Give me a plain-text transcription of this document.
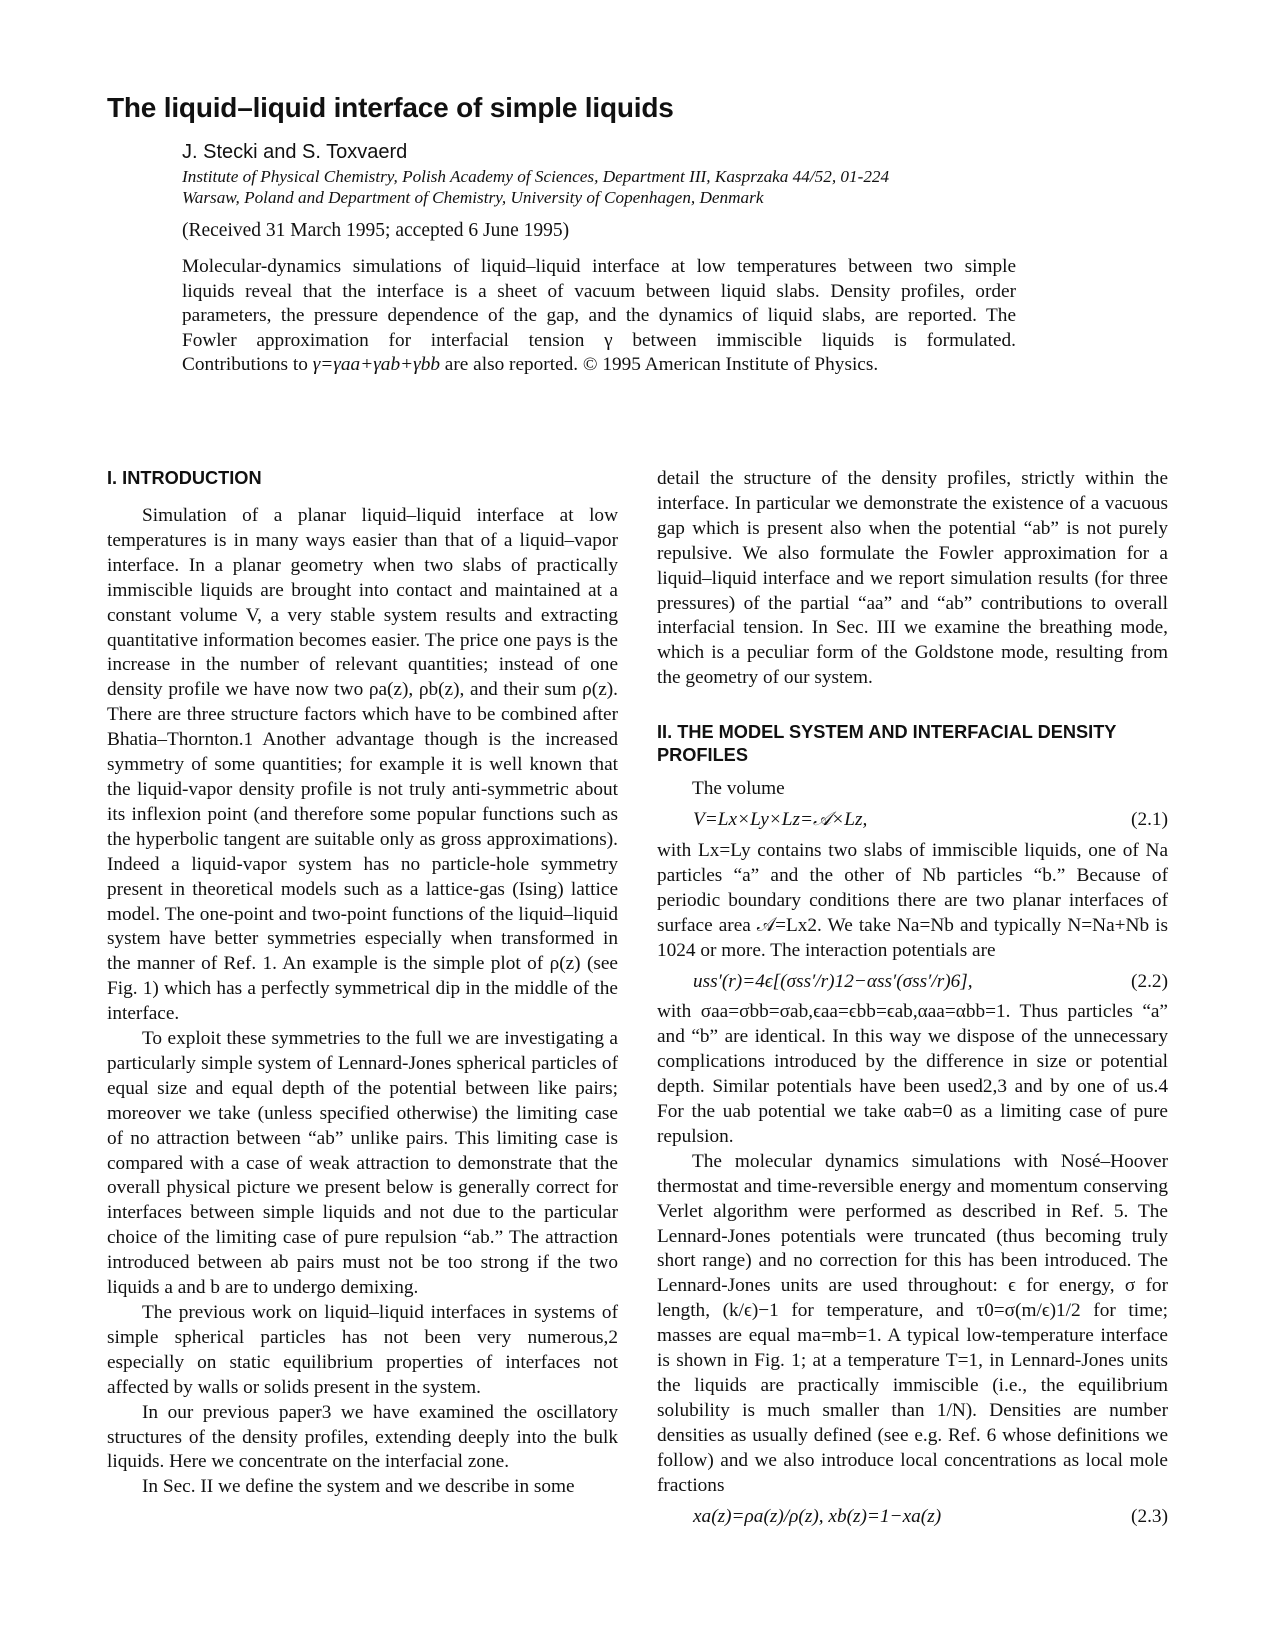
The liquid–liquid interface of simple liquids
J. Stecki and S. Toxvaerd
Institute of Physical Chemistry, Polish Academy of Sciences, Department III, Kasprzaka 44/52, 01-224
Warsaw, Poland and Department of Chemistry, University of Copenhagen, Denmark
(Received 31 March 1995; accepted 6 June 1995)
Molecular-dynamics simulations of liquid–liquid interface at low temperatures between two simple
liquids reveal that the interface is a sheet of vacuum between liquid slabs. Density profiles, order
parameters, the pressure dependence of the gap, and the dynamics of liquid slabs, are reported. The
Fowler approximation for interfacial tension γ between immiscible liquids is formulated.
Contributions to γ=γaa+γab+γbb are also reported. © 1995 American Institute of Physics.
I. INTRODUCTION

Simulation of a planar liquid–liquid interface at low temperatures is in many ways easier than that of a liquid–vapor interface. In a planar geometry when two slabs of practically immiscible liquids are brought into contact and maintained at a constant volume V, a very stable system results and extracting quantitative information becomes easier. The price one pays is the increase in the number of relevant quantities; instead of one density profile we have now two ρa(z), ρb(z), and their sum ρ(z). There are three structure factors which have to be combined after Bhatia–Thornton.1 Another advantage though is the increased symmetry of some quantities; for example it is well known that the liquid-vapor density profile is not truly anti-symmetric about its inflexion point (and therefore some popular functions such as the hyperbolic tangent are suitable only as gross approximations). Indeed a liquid-vapor system has no particle-hole symmetry present in theoretical models such as a lattice-gas (Ising) lattice model. The one-point and two-point functions of the liquid–liquid system have better symmetries especially when transformed in the manner of Ref. 1. An example is the simple plot of ρ(z) (see Fig. 1) which has a perfectly symmetrical dip in the middle of the interface.

To exploit these symmetries to the full we are investigating a particularly simple system of Lennard-Jones spherical particles of equal size and equal depth of the potential between like pairs; moreover we take (unless specified otherwise) the limiting case of no attraction between “ab” unlike pairs. This limiting case is compared with a case of weak attraction to demonstrate that the overall physical picture we present below is generally correct for interfaces between simple liquids and not due to the particular choice of the limiting case of pure repulsion “ab.” The attraction introduced between ab pairs must not be too strong if the two liquids a and b are to undergo demixing.

The previous work on liquid–liquid interfaces in systems of simple spherical particles has not been very numerous,2 especially on static equilibrium properties of interfaces not affected by walls or solids present in the system.

In our previous paper3 we have examined the oscillatory structures of the density profiles, extending deeply into the bulk liquids. Here we concentrate on the interfacial zone.

In Sec. II we define the system and we describe in some

detail the structure of the density profiles, strictly within the interface. In particular we demonstrate the existence of a vacuous gap which is present also when the potential “ab” is not purely repulsive. We also formulate the Fowler approximation for a liquid–liquid interface and we report simulation results (for three pressures) of the partial “aa” and “ab” contributions to overall interfacial tension. In Sec. III we examine the breathing mode, which is a peculiar form of the Goldstone mode, resulting from the geometry of our system.

II. THE MODEL SYSTEM AND INTERFACIAL DENSITY PROFILES

The volume

V=Lx×Ly×Lz=𝒜×Lz,	(2.1)

with Lx=Ly contains two slabs of immiscible liquids, one of Na particles “a” and the other of Nb particles “b.” Because of periodic boundary conditions there are two planar interfaces of surface area 𝒜=Lx2. We take Na=Nb and typically N=Na+Nb is 1024 or more. The interaction potentials are

uss′(r)=4ϵ[(σss′/r)12−αss′(σss′/r)6],	(2.2)

with σaa=σbb=σab,ϵaa=ϵbb=ϵab,αaa=αbb=1. Thus particles “a” and “b” are identical. In this way we dispose of the unnecessary complications introduced by the difference in size or potential depth. Similar potentials have been used2,3 and by one of us.4 For the uab potential we take αab=0 as a limiting case of pure repulsion.

The molecular dynamics simulations with Nosé–Hoover thermostat and time-reversible energy and momentum conserving Verlet algorithm were performed as described in Ref. 5. The Lennard-Jones potentials were truncated (thus becoming truly short range) and no correction for this has been introduced. The Lennard-Jones units are used throughout: ϵ for energy, σ for length, (k/ϵ)−1 for temperature, and τ0=σ(m/ϵ)1/2 for time; masses are equal ma=mb=1. A typical low-temperature interface is shown in Fig. 1; at a temperature T=1, in Lennard-Jones units the liquids are practically immiscible (i.e., the equilibrium solubility is much smaller than 1/N). Densities are number densities as usually defined (see e.g. Ref. 6 whose definitions we follow) and we also introduce local concentrations as local mole fractions

xa(z)=ρa(z)/ρ(z), xb(z)=1−xa(z)	(2.3)
